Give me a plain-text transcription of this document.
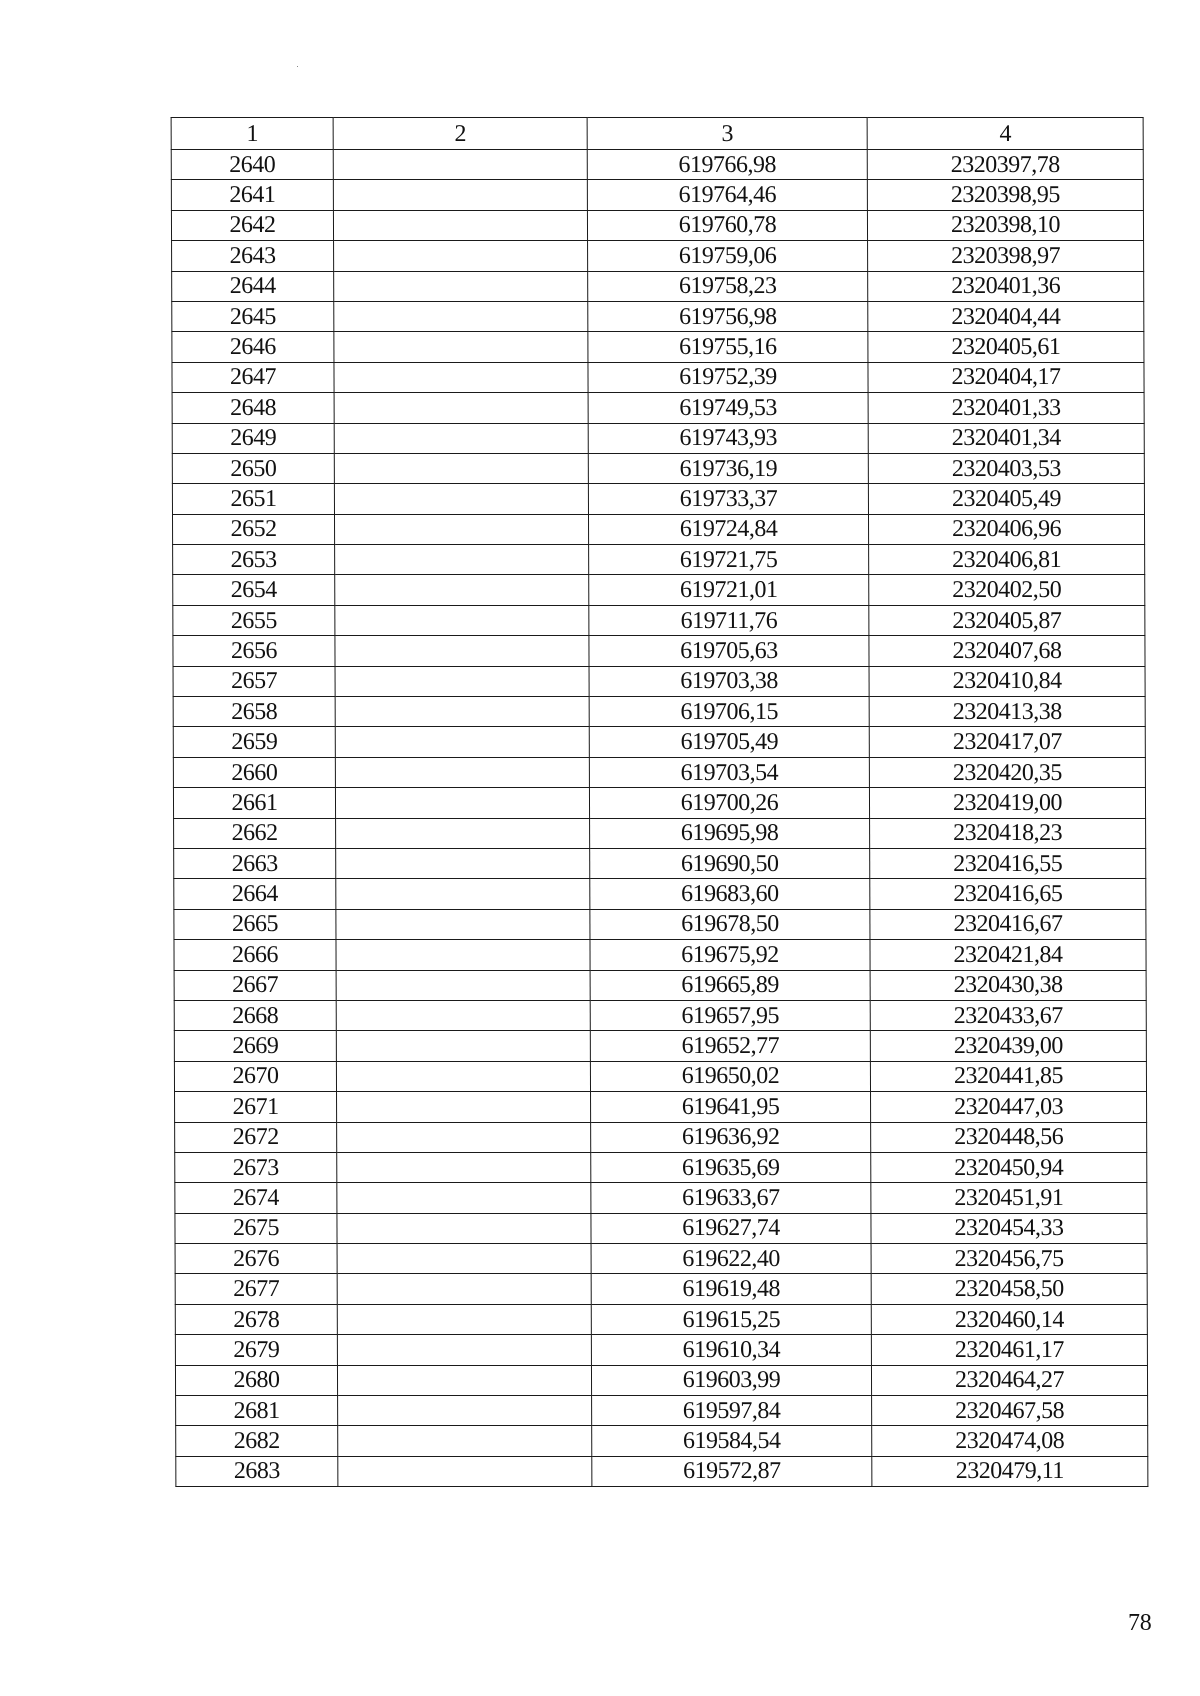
1	2	3	4
2640		619766,98	2320397,78
2641		619764,46	2320398,95
2642		619760,78	2320398,10
2643		619759,06	2320398,97
2644		619758,23	2320401,36
2645		619756,98	2320404,44
2646		619755,16	2320405,61
2647		619752,39	2320404,17
2648		619749,53	2320401,33
2649		619743,93	2320401,34
2650		619736,19	2320403,53
2651		619733,37	2320405,49
2652		619724,84	2320406,96
2653		619721,75	2320406,81
2654		619721,01	2320402,50
2655		619711,76	2320405,87
2656		619705,63	2320407,68
2657		619703,38	2320410,84
2658		619706,15	2320413,38
2659		619705,49	2320417,07
2660		619703,54	2320420,35
2661		619700,26	2320419,00
2662		619695,98	2320418,23
2663		619690,50	2320416,55
2664		619683,60	2320416,65
2665		619678,50	2320416,67
2666		619675,92	2320421,84
2667		619665,89	2320430,38
2668		619657,95	2320433,67
2669		619652,77	2320439,00
2670		619650,02	2320441,85
2671		619641,95	2320447,03
2672		619636,92	2320448,56
2673		619635,69	2320450,94
2674		619633,67	2320451,91
2675		619627,74	2320454,33
2676		619622,40	2320456,75
2677		619619,48	2320458,50
2678		619615,25	2320460,14
2679		619610,34	2320461,17
2680		619603,99	2320464,27
2681		619597,84	2320467,58
2682		619584,54	2320474,08
2683		619572,87	2320479,11
78
